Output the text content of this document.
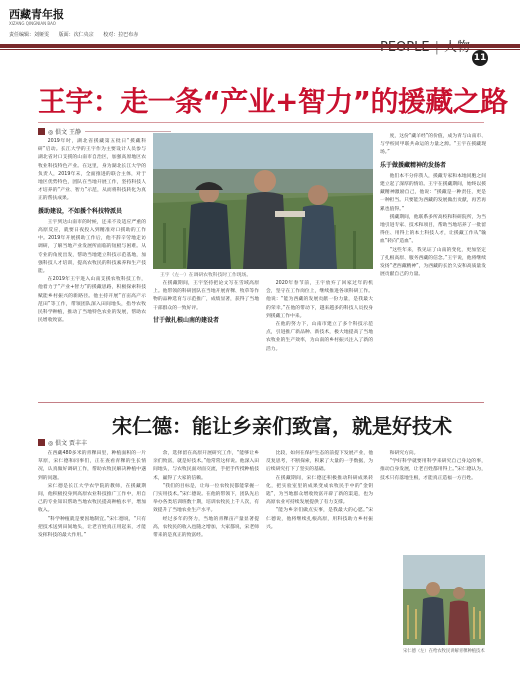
西藏青年报
XIZANG QINGNIAN BAO
责任编辑：刘娅雯 版面：次仁央宗 校对：拉巴布赤
11
王宇：走一条“产业+智力”的援藏之路
◎ 俱文 王静

2019年时，湖北省援藏第五批日“援藏科研”启动。长江大学的王宇作为主要设计人员参与湖北省对口支援的山南市自治区，加强高原地区农牧业科技特色产业。在这里，身为湖北长江大学的负责人，2019年末，全面推进的联合主体，对于地区优势特色，团队在当地开展工作，坚持科技人才培养的“产业、智力”示范，从而将科技转化为真正的帮扶成果。

援助建设，不如援个科技特派员

王宇到达山南市的时候，还来不及适应严重的高原反应，就要日夜投入到精准对口援助的工作中。2019年开展援助工作后，他不辞辛劳地走访调研，了解当地产业发展所面临的短板与困难。从专业的角度出发，帮助当地建立科技示范基地，加强科技人才培训，提高农牧民的科技素养和生产技能。

在2019年王宇进入山南支援农牧科技工作，他着力于“产业+智力”的援藏思路，积极探索科技赋能乡村振兴的新路径。他主持开展“百亩高产示范田”等工作，带领团队深入田间地头，指导农牧民科学种植，推动了当地特色农业的发展，帮助农民增收致富。

王宇（左一）在调研农牧科技时工作现场。

在援藏期间，王宇坚持把论文写在雪域高原上。他带领的科研团队在当地开展青稞、牧草等作物的品种选育与示范推广，成绩显著，获得了当地干部群众的一致好评。

甘于做扎根山南的建设者

2020年春节前，王宇放弃了回家过年的机会，坚守在工作岗位上，继续推进各项科研工作。他说：“能为西藏的发展贡献一份力量，是我最大的荣幸。”在他的带动下，越来越多的科技人员投身到援藏工作中来。

在他的努力下，山南市建立了多个科技示范点，引进推广新品种、新技术，极大地提高了当地农牧业的生产效率，为山南的乡村振兴注入了新的活力。

度，这份“藏羊经”的价值，成为青与山南市、与学校同甲联共命运的力量之源。“王宇在援藏现场。”

乐于做援藏精神的发扬者

他们本不分你我人，援藏专家和本地同胞之间建立起了深厚的情谊。王宇在援藏期间，始终以援藏精神激励自己，他说：“援藏是一种责任，更是一种担当。只要能为西藏的发展做出贡献，再苦再累也值得。”

援藏期间，他联系多所高校和科研院所，为当地引进专家、技术和项目，帮助当地培养了一批留得住、用得上的本土科技人才，让援藏工作从“输血”转向“造血”。

“这些年来，我见证了山南的变化，更加坚定了扎根高原、服务西藏的信念。”王宇说，他将继续发扬“老西藏精神”，为西藏的长治久安和高质量发展贡献自己的力量。

宋仁德：能让乡亲们致富，就是好技术
◎ 俱文 贾丰丰

在西藏480多米的青稞田里，种植面积的一片草原，宋仁德和同事们，正在查看青稞的生长情况，认真做好调研工作，帮助农牧民解决种植中遇到的问题。

宋仁德是长江大学农学院的教师，在援藏期间，他积极投身到高原农业科技推广工作中，用自己的专业知识帮助当地农牧民提高种植水平，增加收入。

“科学种植就是要因地制宜。”宋仁德说，“只有把技术送到田间地头，让老百姓真正用起来，才能发挥科技的最大作用。”

余，选择留在高原开展研究工作，“能够让乡亲们致富，就是好技术。”他常常这样说。他深入田间地头，与农牧民面对面交流，手把手传授种植技术，赢得了大家的信赖。

“我们的目标是，让每一位农牧民都能掌握一门实用技术。”宋仁德说。在他的带领下，团队先后举办各类培训班数十期，培训农牧民上千人次，有效提升了当地农业生产水平。

经过多年的努力，当地的青稞亩产量显著提高，农牧民的收入也随之增加，大家都说，宋老师带来的是真正的致富经。

比较，如何在保护生态的前提下发展产业，他反复思考，不断探索，积累了大量的一手数据，为后续研究打下了坚实的基础。

在援藏期间，宋仁德还积极推动科研成果转化，把实验室里的成果变成农牧民手中的“金钥匙”，为当地群众增收致富开辟了新的渠道，也为高原农业可持续发展提供了有力支撑。

“能为乡亲们做点实事，是我最大的心愿。”宋仁德说，他将继续扎根高原，用科技助力乡村振兴。

和研究方向。

“学好科学就要用科学来研究自己身边的事，推动自身发展，让老百姓都用得上。”宋仁德认为，技术只有落地生根，才能真正造福一方百姓。

宋仁德（左）在给农牧民讲解青稞种植技术
